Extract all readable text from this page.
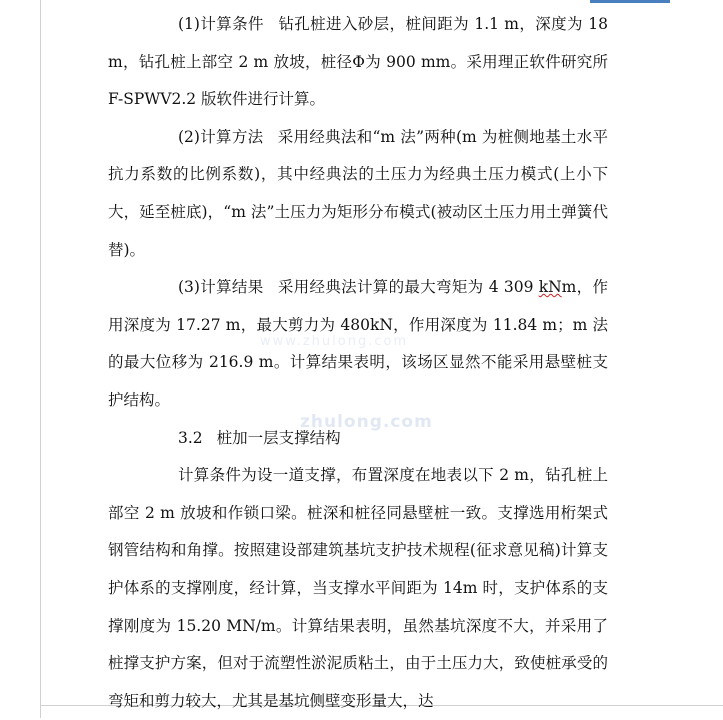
(1)计算条件 钻孔桩进入砂层，桩间距为 1.1 m，深度为 18 m，钻孔桩上部空 2 m 放坡，桩径Φ为 900 mm。采用理正软件研究所 F-SPWV2.2 版软件进行计算。

(2)计算方法 采用经典法和“m 法”两种(m 为桩侧地基土水平抗力系数的比例系数)，其中经典法的土压力为经典土压力模式(上小下大，延至桩底)，“m 法”土压力为矩形分布模式(被动区土压力用土弹簧代替)。

(3)计算结果 采用经典法计算的最大弯矩为 4 309 kNm，作用深度为 17.27 m，最大剪力为 480kN，作用深度为 11.84 m；m 法的最大位移为 216.9 m。计算结果表明，该场区显然不能采用悬壁桩支护结构。

3.2 桩加一层支撑结构

计算条件为设一道支撑，布置深度在地表以下 2 m，钻孔桩上部空 2 m 放坡和作锁口梁。桩深和桩径同悬壁桩一致。支撑选用桁架式钢管结构和角撑。按照建设部建筑基坑支护技术规程(征求意见稿)计算支护体系的支撑刚度，经计算，当支撑水平间距为 14m 时，支护体系的支撑刚度为 15.20 MN/m。计算结果表明，虽然基坑深度不大，并采用了桩撑支护方案，但对于流塑性淤泥质粘土，由于土压力大，致使桩承受的弯矩和剪力较大，尤其是基坑侧壁变形量大，达

www.zhulong.com
zhulong.com
